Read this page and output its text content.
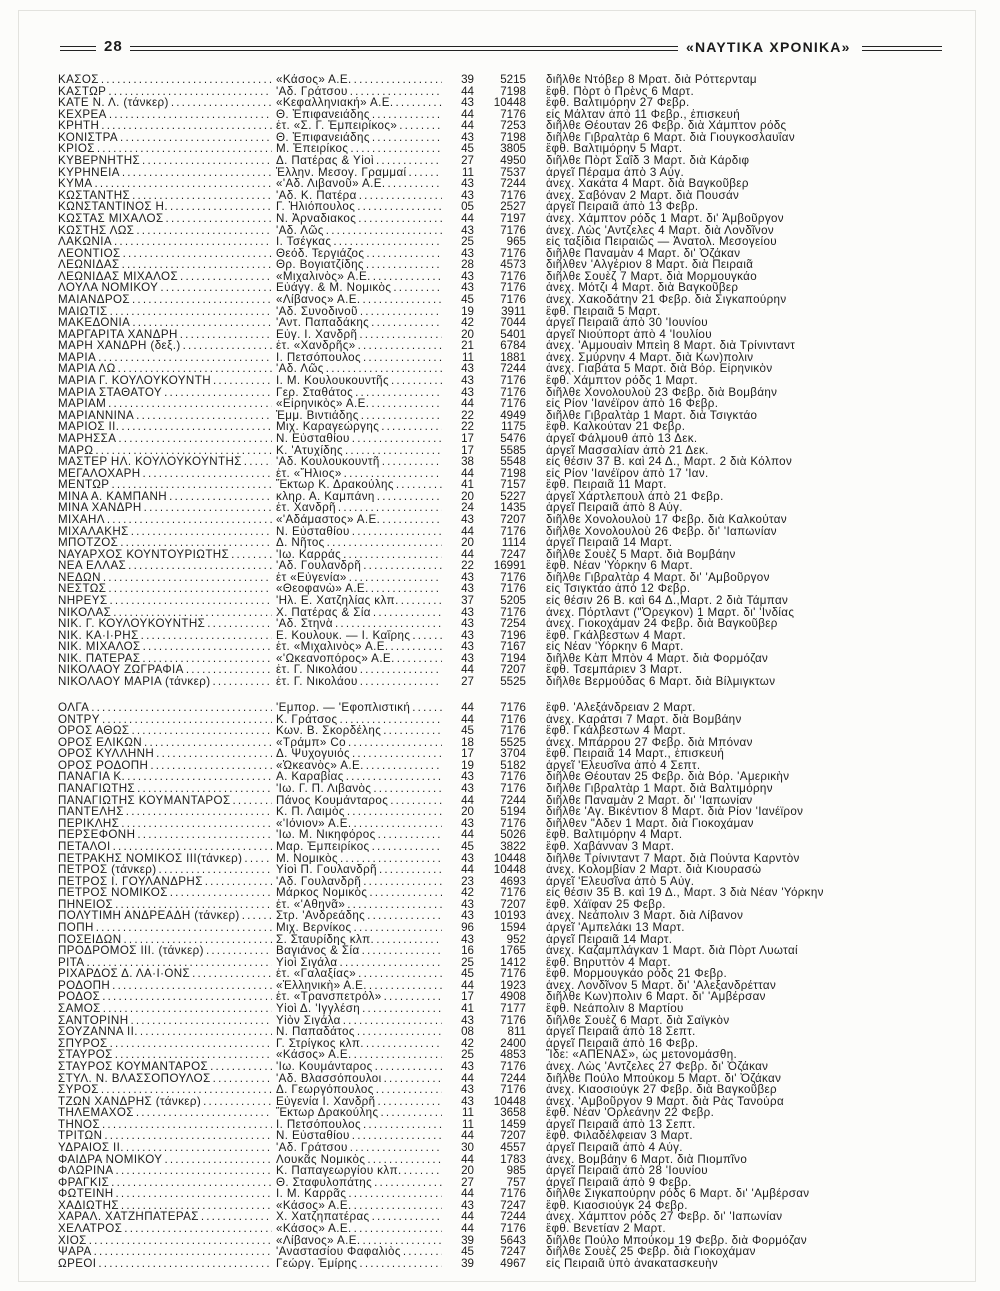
28	«ΝΑΥΤΙΚΑ ΧΡΟΝΙΚΑ»
ΚΑΣΟΣ
.....	«Κάσος» Α.Ε.
.....	39	5215 διῆλθε Ντόβερ 8 Μρατ. διὰ Ρόττερνταμ
ΚΑΣΤΩΡ
.....	'Αδ. Γράτσου
.....	44	7198 ἔφθ. Πὸρτ ὁ Πρὲνς 6 Μαρτ.
ΚΑΤΕ Ν. Λ. (τάνκερ)
.....	«Κεφαλληνιακή» Α.Ε.
.....	43	10448 ἔφθ. Βαλτιμόρην 27 Φεβρ.
ΚΕΧΡΕΑ
.....	Θ. Ἐπιφανειάδης
.....	44	7176 εἰς Μάλταν ἀπὸ 11 Φεβρ., ἐπισκευή
ΚΡΗΤΗ
.....	ἐτ. «Σ. Γ. Ἐμπειρίκος»
.....	44	7253 διῆλθε Θέουταν 26 Φεβρ. διὰ Χάμπτον ρόδς
ΚΟΝΙΣΤΡΑ
.....	Θ. Ἐπιφανειάδης
.....	43	7198 διῆλθε Γιβραλτὰρ 6 Μαρτ. διὰ Γιουγκοσλαυΐαν
ΚΡΙΟΣ
.....	Μ. Ἐπειρίκος
.....	45	3805 ἔφθ. Βαλτιμόρην 5 Μαρτ.
ΚΥΒΕΡΝΗΤΗΣ
.....	Δ. Πατέρας & Υἱοὶ
.....	27	4950 διῆλθε Πὸρτ Σαΐδ 3 Μαρτ. διὰ Κάρδιφ
ΚΥΡΗΝΕΙΑ
.....	Ἑλλην. Μεσογ. Γραμμαί
.....	11	7537 ἀργεῖ Πέραμα ἀπὸ 3 Αὐγ.
ΚΥΜΑ
.....	«'Αδ. Λιβανοῦ» Α.Ε.
.....	43	7244 ἀνεχ. Χακάτα 4 Μαρτ. διὰ Βαγκοῦβερ
ΚΩΣΤΑΝΤΗΣ
.....	'Αδ. Κ. Πατέρα
.....	43	7176 ἀνεχ. Σαβόναν 2 Μαρτ. διὰ Πουσάν
ΚΩΝΣΤΑΝΤΙΝΟΣ Η.
.....	Γ. Ἡλιόπουλος
.....	05	2527 ἀργεῖ Πειραιᾶ ἀπὸ 13 Φεβρ.
ΚΩΣΤΑΣ ΜΙΧΑΛΟΣ
.....	Ν. Ἀρναδιακος
.....	44	7197 ἀνεχ. Χάμπτον ρόδς 1 Μαρτ. δι' Ἀμβοῦργον
ΚΩΣΤΗΣ ΛΩΣ
.....	'Αδ. Λῶς
.....	43	7176 ἀνεχ. Λὼς 'Αντζελες 4 Μαρτ. διὰ Λονδῖνον
ΛΑΚΩΝΙΑ
.....	Ι. Τσέγκας
.....	25	965 εἰς ταξίδια Πειραιῶς — Ἀνατολ. Μεσογείου
ΛΕΟΝΤΙΟΣ
.....	Θεόδ. Τεργιάζος
.....	43	7176 διῆλθε Παναμὰν 4 Μαρτ. δι' Ὀζάκαν
ΛΕΩΝΙΔΑΣ
.....	Θρ. Βογιατζίδης
.....	28	4573 διῆλθεν 'Αλγέριον 8 Μαρτ. διὰ Πειραιᾶ
ΛΕΩΝΙΔΑΣ ΜΙΧΑΛΟΣ
.....	«Μιχαλινὸς» Α.Ε.
.....	43	7176 διῆλθε Σουὲζ 7 Μαρτ. διὰ Μορμουγκάο
ΛΟΥΛΑ ΝΟΜΙΚΟΥ
.....	Εὐάγγ. & Μ. Νομικὸς
.....	43	7176 ἀνεχ. Μότζι 4 Μαρτ. διὰ Βαγκοῦβερ
ΜΑΙΑΝΔΡΟΣ
.....	«Λίβανος» Α.Ε.
.....	45	7176 ἀνεχ. Χακοδάτην 21 Φεβρ. διὰ Σιγκαπούρην
ΜΑΙΩΤΙΣ
.....	'Αδ. Συνοδινοῦ
.....	19	3911 ἔφθ. Πειραιᾶ 5 Μαρτ.
ΜΑΚΕΔΟΝΙΑ
.....	'Αντ. Παπαδάκης
.....	42	7044 ἀργεῖ Πειραιᾶ ἀπὸ 30 'Ιουνίου
ΜΑΡΓΑΡΙΤΑ ΧΑΝΔΡΗ
.....	Εὐγ. Ι. Χανδρῆ
.....	20	5401 ἀργεῖ Νιούπορτ ἀπὸ 4 'Ιουλίου
ΜΑΡΗ ΧΑΝΔΡΗ (δεξ.)
.....	ἐτ. «Χανδρῆς»
.....	21	6784 ἀνεχ. 'Αμμουαὶν Μπεὶη 8 Μαρτ. διὰ Τρίνινταντ
ΜΑΡΙΑ
.....	Ι. Πετσόπουλος
.....	11	1881 ἀνεχ. Σμύρνην 4 Μαρτ. διὰ Κων)πολιν
ΜΑΡΙΑ ΛΩ
.....	'Αδ. Λῶς
.....	43	7244 ἀνεχ. Γιαβάτα 5 Μαρτ. διὰ Βόρ. Εἰρηνικὸν
ΜΑΡΙΑ Γ. ΚΟΥΛΟΥΚΟΥΝΤΗ
.....	Ι. Μ. Κουλουκουντῆς
.....	43	7176 ἔφθ. Χάμπτον ρόδς 1 Μαρτ.
ΜΑΡΙΑ ΣΤΑΘΑΤΟΥ
.....	Γερ. Σταθάτος
.....	43	7176 διῆλθε Χονολουλοὺ 23 Φεβρ. διὰ Βομβάην
ΜΑΡΙΑΜ
.....	«Εἰρηνικὸς» Α.Ε.
.....	44	7176 εἰς Ρίον 'Ιανέϊρον ἀπὸ 16 Φεβρ.
ΜΑΡΙΑΝΝΙΝΑ
.....	Ἐμμ. Βιντιάδης
.....	22	4949 διῆλθε Γιβραλτὰρ 1 Μαρτ. διὰ Τσιγκτάο
ΜΑΡΙΟΣ ΙΙ.
.....	Μιχ. Καραγεώργης
.....	22	1175 ἔφθ. Καλκούταν 21 Φεβρ.
ΜΑΡΗΣΣΑ
.....	Ν. Εὐσταθίου
.....	17	5476 ἀργεῖ Φάλμουθ ἀπὸ 13 Δεκ.
ΜΑΡΩ
.....	Κ. 'Ατυχίδης
.....	17	5585 ἀργεῖ Μασσαλίαν ἀπὸ 21 Δεκ.
ΜΑΣΤΕΡ ΗΛ. ΚΟΥΛΟΥΚΟΥΝΤΗΣ
.....	'Αδ. Κουλουκουντῆ
.....	38	5548 εἰς θέσιν 37 Β. καὶ 24 Δ., Μαρτ. 2 διὰ Κόλπον
ΜΕΓΑΛΟΧΑΡΗ
.....	ἐτ. «Ἥλιος»
.....	44	7198 εἰς Ρίον 'Ιανέϊρον ἀπὸ 17 'Ιαν.
ΜΕΝΤΩΡ
.....	Ἕκτωρ Κ. Δρακούλης
.....	41	7157 ἔφθ. Πειραιᾶ 11 Μαρτ.
ΜΙΝΑ Α. ΚΑΜΠΑΝΗ
.....	κληρ. Α. Καμπάνη
.....	20	5227 ἀργεῖ Χάρτλεπουλ ἀπὸ 21 Φεβρ.
ΜΙΝΑ ΧΑΝΔΡΗ
.....	ἐτ. Χανδρῆ
.....	24	1435 ἀργεῖ Πειραιᾶ ἀπὸ 8 Αὐγ.
ΜΙΧΑΗΛ
.....	«'Αδάμαστος» Α.Ε.
.....	43	7207 διῆλθε Χονολουλοὺ 17 Φεβρ. διὰ Καλκούταν
ΜΙΧΑΛΑΚΗΣ
.....	Ν. Εὐσταθίου
.....	44	7176 διῆλθε Χονολουλοὺ 26 Φεβρ. δι' 'Ιαπωνίαν
ΜΠΟΤΖΟΣ
.....	Δ. Νῆτος
.....	20	1114 ἀργεῖ Πειραιᾶ 14 Μαρτ.
ΝΑΥΑΡΧΟΣ ΚΟΥΝΤΟΥΡΙΩΤΗΣ
.....	'Ιω. Καρράς
.....	44	7247 διῆλθε Σουὲζ 5 Μαρτ. διὰ Βομβάην
ΝΕΑ ΕΛΛΑΣ
.....	'Αδ. Γουλανδρῆ
.....	22	16991 ἔφθ. Νέαν 'Υόρκην 6 Μαρτ.
ΝΕΔΩΝ
.....	ἐτ «Εὐγενία»
.....	43	7176 διῆλθε Γιβραλτὰρ 4 Μαρτ. δι' 'Αμβοῦργον
ΝΕΣΤΩΣ
.....	«Θεοφανὼ» Α.Ε.
.....	43	7176 εἰς Τσιγκτάο ἀπὸ 12 Φεβρ.
ΝΗΡΕΥΣ
.....	'Ηλ. Ε. Χατζηλίας κλπ.
.....	37	5205 εἰς θέσιν 26 Β. καὶ 64 Δ.,Μαρτ. 2 διὰ Τάμπαν
ΝΙΚΟΛΑΣ
.....	Χ. Πατέρας & Σία
.....	43	7176 ἀνεχ. Πόρτλαντ ("Ὀρεγκον) 1 Μαρτ. δι' 'Ινδίας
ΝΙΚ. Γ. ΚΟΥΛΟΥΚΟΥΝΤΗΣ
.....	'Αδ. Στηνὰ
.....	43	7254 ἀνεχ. Γιοκοχάμαν 24 Φεβρ. διὰ Βαγκοῦβερ
ΝΙΚ. ΚΑ·Ι·ΡΗΣ
.....	Ε. Κουλουκ. — Ι. Καΐρης
.....	43	7196 ἔφθ. Γκάλβεστων 4 Μαρτ.
ΝΙΚ. ΜΙΧΑΛΟΣ
.....	ἐτ. «Μιχαλινὸς» Α.Ε.
.....	43	7167 εἰς Νέαν 'Υόρκην 6 Μαρτ.
ΝΙΚ. ΠΑΤΕΡΑΣ
.....	«'Ωκεανοπόρος» Α.Ε.
.....	43	7194 διῆλθε Κὰπ Μπὸν 4 Μαρτ. διὰ Φορμόζαν
ΝΙΚΟΛΑΟΥ ΖΩΓΡΑΦΙΑ
.....	ἐτ. Γ. Νικολάου
.....	44	7207 ἔφθ. Τσεμπάριεν 3 Μαρτ.
ΝΙΚΟΛΑΟΥ ΜΑΡΙΑ (τάνκερ)
.....	ἐτ. Γ. Νικολάου
.....	27	5525 διῆλθε Βερμούδας 6 Μαρτ. διὰ Βίλμιγκτων
ΟΛΓΑ
.....	'Εμπορ. — 'Εφοπλιστική
.....	44	7176 ἔφθ. 'Αλεξάνδρειαν 2 Μαρτ.
ΟΝΤΡΥ
.....	Κ. Γράτσος
.....	44	7176 ἀνεχ. Καράτσι 7 Μαρτ. διὰ Βομβάην
ΟΡΟΣ ΑΘΩΣ
.....	Κων. Β. Σκορδέλης
.....	45	7176 ἔφθ. Γκάλβεστων 4 Μαρτ.
ΟΡΟΣ ΕΛΙΚΩΝ
.....	«Τράμπ» Co
.....	18	5525 ἀνεχ. Μπάρρου 27 Φεβρ. διὰ Μπόναν
ΟΡΟΣ ΚΥΛΛΗΝΗ
.....	Δ. Ψυχογυιός
.....	17	3704 ἔφθ. Πειραιᾶ 14 Μαρτ., ἐπισκευή
ΟΡΟΣ ΡΟΔΟΠΗ
.....	«Ὠκεανὸς» Α.Ε.
.....	19	5182 ἀργεῖ 'Ελευσῖνα ἀπὸ 4 Σεπτ.
ΠΑΝΑΓΙΑ Κ.
.....	Α. Καραβίας
.....	43	7176 διῆλθε Θέουταν 25 Φεβρ. διὰ Βόρ. 'Αμερικὴν
ΠΑΝΑΓΙΩΤΗΣ
.....	'Ιω. Γ. Π. Λιβανὸς
.....	43	7176 διῆλθε Γιβραλτὰρ 1 Μαρτ. διὰ Βαλτιμόρην
ΠΑΝΑΓΙΩΤΗΣ ΚΟΥΜΑΝΤΑΡΟΣ
.....	Πάνος Κουμάνταρος
.....	44	7244 διῆλθε Παναμὰν 2 Μαρτ. δι' 'Ιαπωνίαν
ΠΑΝΤΕΛΗΣ
.....	Κ. Π. Λαιμὸς
.....	20	5194 διῆλθε 'Αγ. Βικέντιον 8 Μαρτ. διὰ Ρίον 'Ιανέϊρον
ΠΕΡΙΚΛΗΣ
.....	«'Ιόνιον» Α.Ε.
.....	43	7176 διῆλθεν "Αδεν 1 Μαρτ. διὰ Γιοκοχάμαν
ΠΕΡΣΕΦΟΝΗ
.....	'Ιω. Μ. Νικηφόρος
.....	44	5026 ἔφθ. Βαλτιμόρην 4 Μαρτ.
ΠΕΤΑΛΟΙ
.....	Μαρ. Ἐμπειρίκος
.....	45	3822 ἔφθ. Χαβάνναν 3 Μαρτ.
ΠΕΤΡΑΚΗΣ ΝΟΜΙΚΟΣ ΙΙΙ(τάνκερ)
.....	Μ. Νομικὸς
.....	43	10448 διῆλθε Τρίνινταντ 7 Μαρτ. διὰ Πούντα Καρντὸν
ΠΕΤΡΟΣ (τάνκερ)
.....	Υἱοὶ Π. Γουλανδρῆ
.....	44	10448 ἀνεχ. Κολομβίαν 2 Μαρτ. διὰ Κιουρασὼ
ΠΕΤΡΟΣ Ι. ΓΟΥΛΑΝΔΡΗΣ
.....	'Αδ. Γουλανδρῆ
.....	23	4693 ἀργεῖ 'Ελευσῖνα ἀπὸ 5 Αὐγ.
ΠΕΤΡΟΣ ΝΟΜΙΚΟΣ
.....	Μάρκος Νομικὸς
.....	42	7176 εἰς θέσιν 35 Β. καὶ 19 Δ., Μαρτ. 3 διὰ Νέαν 'Υόρκην
ΠΗΝΕΙΟΣ
.....	ἐτ. «'Αθηνᾶ»
.....	43	7207 ἔφθ. Χάϊφαν 25 Φεβρ.
ΠΟΛΥΤΙΜΗ ΑΝΔΡΕΑΔΗ (τάνκερ)
.....	Στρ. 'Ανδρεάδης
.....	43	10193 ἀνεχ. Νεάπολιν 3 Μαρτ. διὰ Λίβανον
ΠΟΠΗ
.....	Μιχ. Βερνίκος
.....	96	1594 ἀργεῖ 'Αμπελάκι 13 Μαρτ.
ΠΟΣΕΙΔΩΝ
.....	Σ. Σταυρίδης κλπ.
.....	43	952 ἀργεῖ Πειραιᾶ 14 Μαρτ.
ΠΡΟΔΡΟΜΟΣ ΙΙΙ. (τάνκερ)
.....	Βαγιάνος & Σία
.....	16	1765 ἀνεχ. Καζαμπλάγκαν 1 Μαρτ. διὰ Πὸρτ Λυωταί
ΡΙΤΑ
.....	Υἱοὶ Σιγάλα
.....	25	1412 ἔφθ. Βηρυττὸν 4 Μαρτ.
ΡΙΧΑΡΔΟΣ Δ. ΛΑ·Ι·ΟΝΣ
.....	ἐτ. «Γαλαξίας»
.....	45	7176 ἔφθ. Μορμουγκάο ρόδς 21 Φεβρ.
ΡΟΔΟΠΗ
.....	«Ἑλληνικὴ» Α.Ε.
.....	44	1923 ἀνεχ. Λονδῖνον 5 Μαρτ. δι' 'Αλεξανδρέτταν
ΡΟΔΟΣ
.....	ἐτ. «Τρανσπετρόλ»
.....	17	4908 διῆλθε Κων)πολιν 6 Μαρτ. δι' 'Αμβέρσαν
ΣΑΜΟΣ
.....	Υἱοὶ Δ. 'Ιγγλέση
.....	41	7177 ἔφθ. Νεάπολιν 8 Μαρτίου
ΣΑΝΤΟΡΙΝΗ
.....	Υἱὸν Σιγάλα
.....	43	7176 διῆλθε Σουὲζ 6 Μαρτ. διὰ Σαϊγκὸν
ΣΟΥΖΑΝΝΑ ΙΙ.
.....	Ν. Παπαδάτος
.....	08	811 ἀργεῖ Πειραιᾶ ἀπὸ 18 Σεπτ.
ΣΠΥΡΟΣ
.....	Γ. Στρίγκος κλπ.
.....	42	2400 ἀργεῖ Πειραιᾶ ἀπὸ 16 Φεβρ.
ΣΤΑΥΡΟΣ
.....	«Κάσος» Α.Ε.
.....	25	4853 Ἴδε: «ΑΠΕΝΑΣ», ὡς μετονομάσθη.
ΣΤΑΥΡΟΣ ΚΟΥΜΑΝΤΑΡΟΣ
.....	'Ιω. Κουμάνταρος
.....	43	7176 ἀνεχ. Λὼς 'Αντζελες 27 Φεβρ. δι' Ὀζάκαν
ΣΤΥΛ. Ν. ΒΛΑΣΣΟΠΟΥΛΟΣ
.....	'Αδ. Βλασσόπουλοι
.....	44	7244 διῆλθε Πούλο Μπούκομ 5 Μαρτ. δι' Ὀζάκαν
ΣΥΡΟΣ
.....	Δ. Γεωργόπουλος
.....	43	7176 ἀνεχ. Κιαοσιούγκ 27 Φεβρ. διὰ Βαγκοῦβερ
ΤΖΩΝ ΧΑΝΔΡΗΣ (τάνκερ)
.....	Εὐγενία Ι. Χανδρῆ
.....	43	10448 ἀνεχ. 'Αμβοῦργον 9 Μαρτ. διὰ Ρὰς Τανούρα
ΤΗΛΕΜΑΧΟΣ
.....	Ἕκτωρ Δρακούλης
.....	11	3658 ἔφθ. Νέαν 'Ορλεάνην 22 Φεβρ.
ΤΗΝΟΣ
.....	Ι. Πετσόπουλος
.....	11	1459 ἀργεῖ Πειραιᾶ ἀπὸ 13 Σεπτ.
ΤΡΙΤΩΝ
.....	Ν. Εὐσταθίου
.....	44	7207 ἔφθ. Φιλαδέλφειαν 3 Μαρτ.
ΥΔΡΑΙΟΣ ΙΙ.
.....	'Αδ. Γράτσου
.....	30	4557 ἀργεῖ Πειραιᾶ ἀπὸ 4 Αὐγ.
ΦΑΙΔΡΑ ΝΟΜΙΚΟΥ
.....	Λουκᾶς Νομικὸς
.....	44	1783 ἀνεχ. Βομβάην 6 Μαρτ. διὰ Πιομπῖνο
ΦΛΩΡΙΝΑ
.....	Κ. Παπαγεωργίου κλπ.
.....	20	985 ἀργεῖ Πειραιᾶ ἀπὸ 28 'Ιουνίου
ΦΡΑΓΚΙΣ
.....	Θ. Σταφυλοπάτης
.....	27	757 ἀργεῖ Πειραιᾶ ἀπὸ 9 Φεβρ.
ΦΩΤΕΙΝΗ
.....	Ι. Μ. Καρρᾶς
.....	44	7176 διῆλθε Σιγκαπούρην ρόδς 6 Μαρτ. δι' 'Αμβέρσαν
ΧΑΔΙΩΤΗΣ
.....	«Κάσος» Α.Ε.
.....	43	7247 ἔφθ. Κιαοσιούγκ 24 Φεβρ.
ΧΑΡΑΛ. ΧΑΤΖΗΠΑΤΕΡΑΣ
.....	Χ. Χατζηπατέρας
.....	44	7244 ἀνεχ. Χάμπτον ρόδς 27 Φεβρ. δι' 'Ιαπωνίαν
ΧΕΛΑΤΡΟΣ
.....	«Κάσος» Α.Ε.
.....	44	7176 ἔφθ. Βενετίαν 2 Μαρτ.
ΧΙΟΣ
.....	«Λίβανος» Α.Ε.
.....	39	5643 διῆλθε Πούλο Μπούκομ 19 Φεβρ. διὰ Φορμόζαν
ΨΑΡΑ
.....	'Αναστασίου Φαφαλιὸς
.....	45	7247 διῆλθε Σουὲζ 25 Φεβρ. διὰ Γιοκοχάμαν
ΩΡΕΟΙ
.....	Γεώργ. Ἐμίρης
.....	39	4967 εἰς Πειραιᾶ ὑπὸ ἀνακατασκευὴν
